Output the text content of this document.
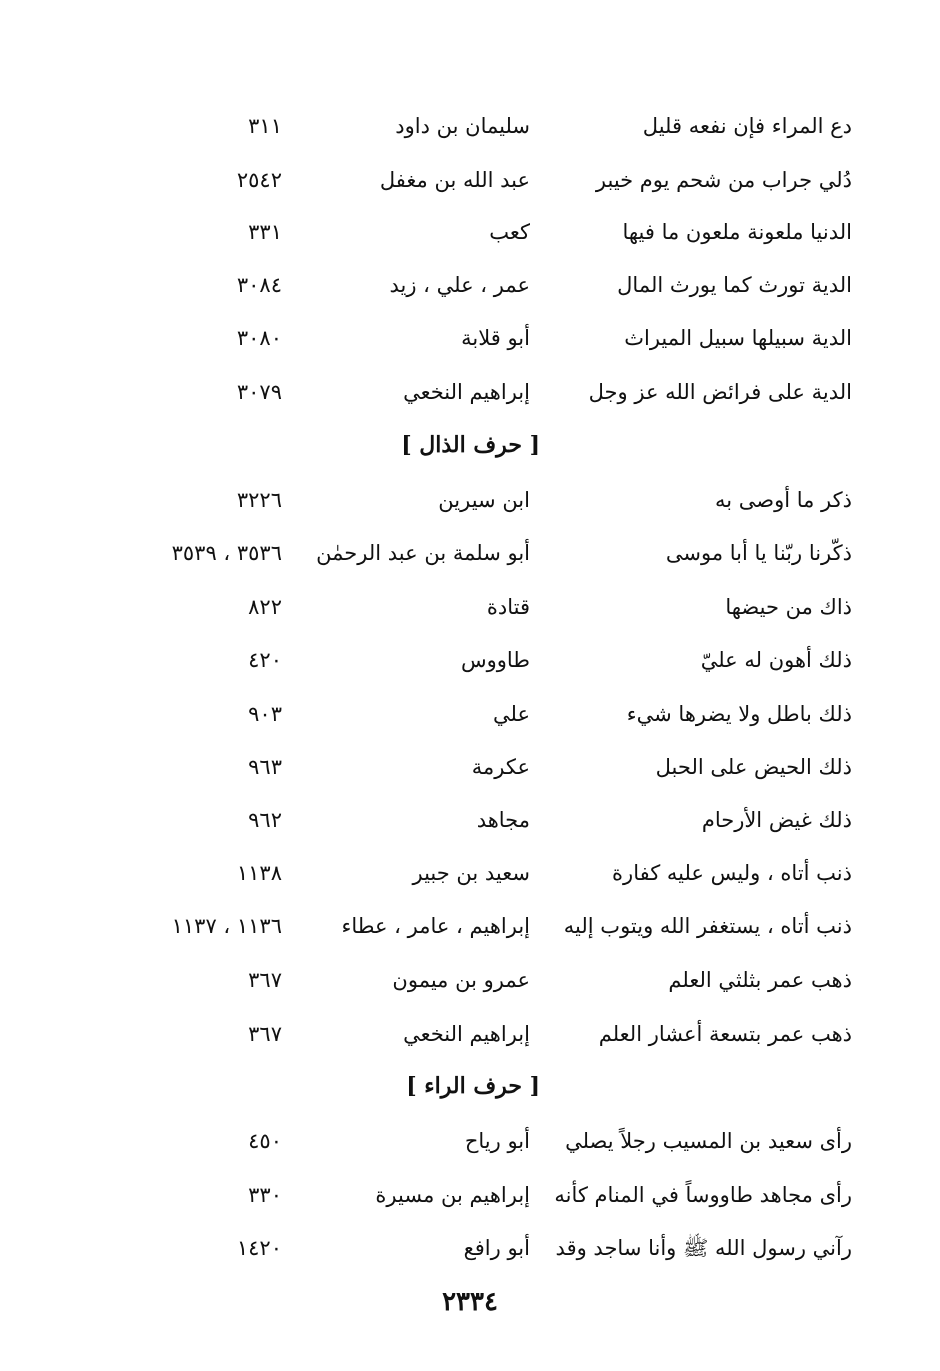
دع المراء فإن نفعه قليل
سليمان بن داود
٣١١
دُلي جراب من شحم يوم خيبر
عبد الله بن مغفل
٢٥٤٢
الدنيا ملعونة ملعون ما فيها
كعب
٣٣١
الدية تورث كما يورث المال
عمر ، علي ، زيد
٣٠٨٤
الدية سبيلها سبيل الميراث
أبو قلابة
٣٠٨٠
الدية على فرائض الله عز وجل
إبراهيم النخعي
٣٠٧٩
[ حرف الذال ]
ذكر ما أوصى به
ابن سيرين
٣٢٢٦
ذكّرنا ربّنا يا أبا موسى
أبو سلمة بن عبد الرحمٰن
٣٥٣٦ ، ٣٥٣٩
ذاك من حيضها
قتادة
٨٢٢
ذلك أهون له عليّ
طاووس
٤٢٠
ذلك باطل ولا يضرها شيء
علي
٩٠٣
ذلك الحيض على الحبل
عكرمة
٩٦٣
ذلك غيض الأرحام
مجاهد
٩٦٢
ذنب أتاه ، وليس عليه كفارة
سعيد بن جبير
١١٣٨
ذنب أتاه ، يستغفر الله ويتوب إليه
إبراهيم ، عامر ، عطاء
١١٣٦ ، ١١٣٧
ذهب عمر بثلثي العلم
عمرو بن ميمون
٣٦٧
ذهب عمر بتسعة أعشار العلم
إبراهيم النخعي
٣٦٧
[ حرف الراء ]
رأى سعيد بن المسيب رجلاً يصلي
أبو رياح
٤٥٠
رأى مجاهد طاووساً في المنام كأنه
إبراهيم بن مسيرة
٣٣٠
رآني رسول الله ﷺ وأنا ساجد وقد
أبو رافع
١٤٢٠
٢٣٣٤
